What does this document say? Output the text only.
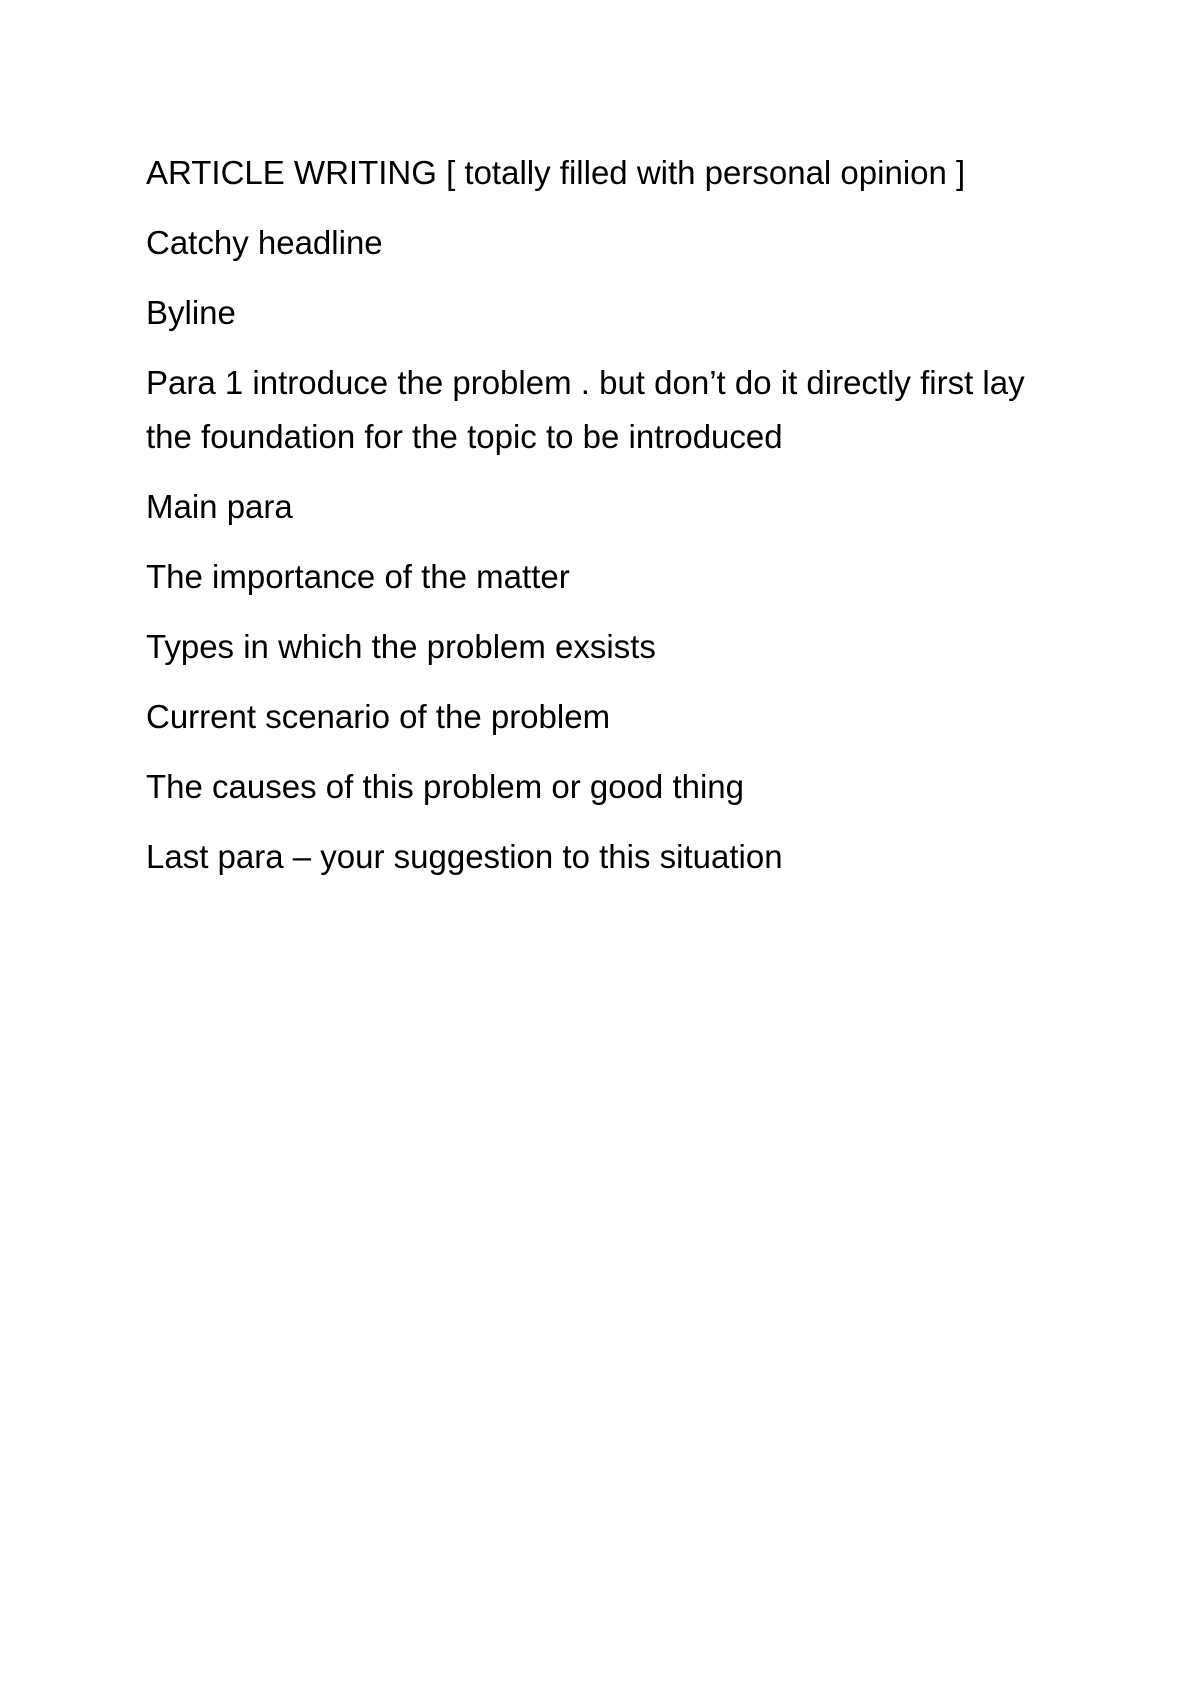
ARTICLE WRITING [ totally filled with personal opinion ]

Catchy headline

Byline

Para 1 introduce the problem . but don’t do it directly first lay the foundation for the topic to be introduced

Main para

The importance of the matter

Types in which the problem exsists

Current scenario of the problem

The causes of this problem or good thing

Last para – your suggestion to this situation
